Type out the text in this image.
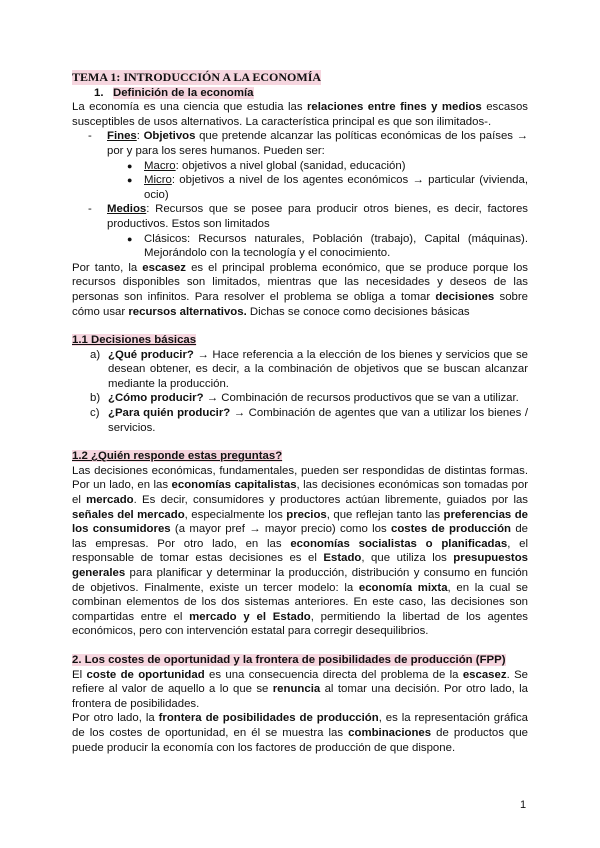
TEMA 1: INTRODUCCIÓN A LA ECONOMÍA

1. Definición de la economía

La economía es una ciencia que estudia las relaciones entre fines y medios escasos susceptibles de usos alternativos. La característica principal es que son ilimitados-.

- Fines: Objetivos que pretende alcanzar las políticas económicas de los países → por y para los seres humanos. Pueden ser:
● Macro: objetivos a nivel global (sanidad, educación)
● Micro: objetivos a nivel de los agentes económicos → particular (vivienda, ocio)
- Medios: Recursos que se posee para producir otros bienes, es decir, factores productivos. Estos son limitados
● Clásicos: Recursos naturales, Población (trabajo), Capital (máquinas). Mejorándolo con la tecnología y el conocimiento.

Por tanto, la escasez es el principal problema económico, que se produce porque los recursos disponibles son limitados, mientras que las necesidades y deseos de las personas son infinitos. Para resolver el problema se obliga a tomar decisiones sobre cómo usar recursos alternativos. Dichas se conoce como decisiones básicas

1.1 Decisiones básicas

a) ¿Qué producir? → Hace referencia a la elección de los bienes y servicios que se desean obtener, es decir, a la combinación de objetivos que se buscan alcanzar mediante la producción.
b) ¿Cómo producir? → Combinación de recursos productivos que se van a utilizar.
c) ¿Para quién producir? → Combinación de agentes que van a utilizar los bienes / servicios.

1.2 ¿Quién responde estas preguntas?

Las decisiones económicas, fundamentales, pueden ser respondidas de distintas formas. Por un lado, en las economías capitalistas, las decisiones económicas son tomadas por el mercado. Es decir, consumidores y productores actúan libremente, guiados por las señales del mercado, especialmente los precios, que reflejan tanto las preferencias de los consumidores (a mayor pref → mayor precio) como los costes de producción de las empresas. Por otro lado, en las economías socialistas o planificadas, el responsable de tomar estas decisiones es el Estado, que utiliza los presupuestos generales para planificar y determinar la producción, distribución y consumo en función de objetivos. Finalmente, existe un tercer modelo: la economía mixta, en la cual se combinan elementos de los dos sistemas anteriores. En este caso, las decisiones son compartidas entre el mercado y el Estado, permitiendo la libertad de los agentes económicos, pero con intervención estatal para corregir desequilibrios.

2. Los costes de oportunidad y la frontera de posibilidades de producción (FPP)

El coste de oportunidad es una consecuencia directa del problema de la escasez. Se refiere al valor de aquello a lo que se renuncia al tomar una decisión. Por otro lado, la frontera de posibilidades.

Por otro lado, la frontera de posibilidades de producción, es la representación gráfica de los costes de oportunidad, en él se muestra las combinaciones de productos que puede producir la economía con los factores de producción de que dispone.

1
